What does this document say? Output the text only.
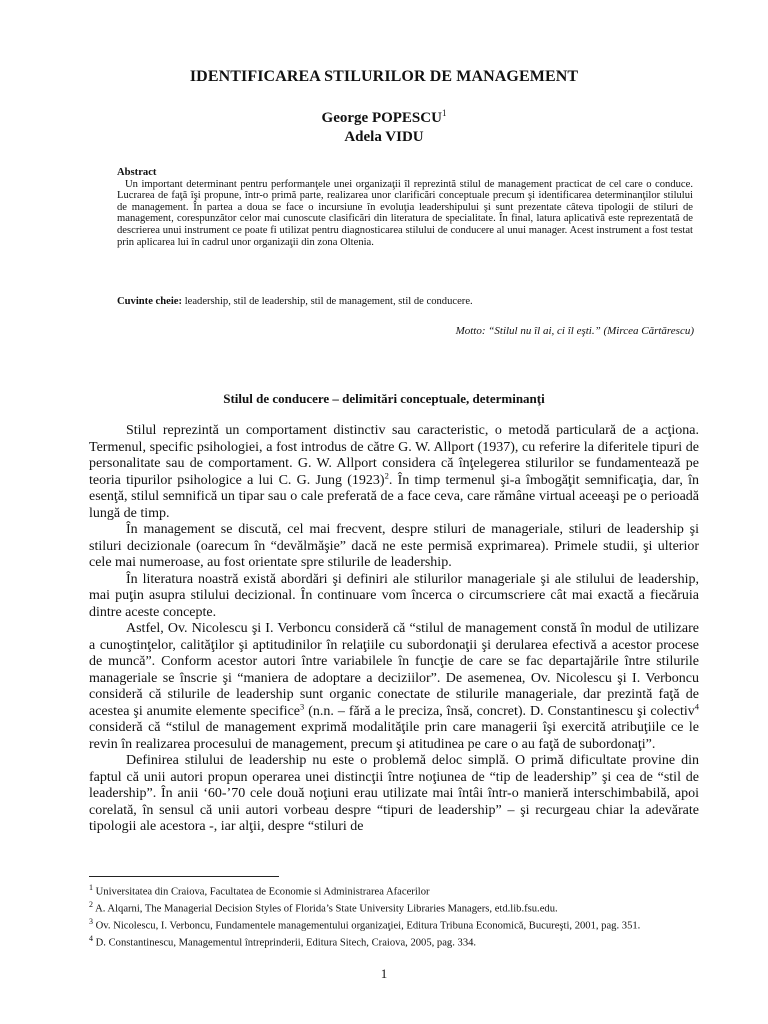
IDENTIFICAREA STILURILOR DE MANAGEMENT
George POPESCU$^1$
Adela VIDU
Abstract

Un important determinant pentru performanţele unei organizaţii îl reprezintă stilul de management practicat de cel care o conduce. Lucrarea de faţă îşi propune, într-o primă parte, realizarea unor clarificări conceptuale precum şi identificarea determinanţilor stilului de management. În partea a doua se face o incursiune în evoluţia leadershipului şi sunt prezentate câteva tipologii de stiluri de management, corespunzător celor mai cunoscute clasificări din literatura de specialitate. În final, latura aplicativă este reprezentată de descrierea unui instrument ce poate fi utilizat pentru diagnosticarea stilului de conducere al unui manager. Acest instrument a fost testat prin aplicarea lui în cadrul unor organizaţii din zona Oltenia.

Cuvinte cheie: leadership, stil de leadership, stil de management, stil de conducere.
Motto: “Stilul nu îl ai, ci îl eşti.” (Mircea Cărtărescu)
Stilul de conducere – delimitări conceptuale, determinanţi

Stilul reprezintă un comportament distinctiv sau caracteristic, o metodă particulară de a acţiona. Termenul, specific psihologiei, a fost introdus de către G. W. Allport (1937), cu referire la diferitele tipuri de personalitate sau de comportament. G. W. Allport considera că înţelegerea stilurilor se fundamentează pe teoria tipurilor psihologice a lui C. G. Jung $(1923)^2$. În timp termenul şi-a îmbogăţit semnificaţia, dar, în esenţă, stilul semnifică un tipar sau o cale preferată de a face ceva, care rămâne virtual aceeaşi pe o perioadă lungă de timp.

În management se discută, cel mai frecvent, despre stiluri de manageriale, stiluri de leadership şi stiluri decizionale (oarecum în “devălmăşie” dacă ne este permisă exprimarea). Primele studii, şi ulterior cele mai numeroase, au fost orientate spre stilurile de leadership.

În literatura noastră există abordări şi definiri ale stilurilor manageriale şi ale stilului de leadership, mai puţin asupra stilului decizional. În continuare vom încerca o circumscriere cât mai exactă a fiecăruia dintre aceste concepte.

Astfel, Ov. Nicolescu şi I. Verboncu consideră că “stilul de management constă în modul de utilizare a cunoştinţelor, calităţilor şi aptitudinilor în relaţiile cu subordonaţii şi derularea efectivă a acestor procese de muncă”. Conform acestor autori între variabilele în funcţie de care se fac departajările între stilurile manageriale se înscrie şi “maniera de adoptare a deciziilor”. De asemenea, Ov. Nicolescu şi I. Verboncu consideră că stilurile de leadership sunt organic conectate de stilurile manageriale, dar prezintă faţă de acestea şi anumite elemente specifice$^3$ (n.n. – fără a le preciza, însă, concret). D. Constantinescu şi colectiv$^4$ consideră că “stilul de management exprimă modalităţile prin care managerii îşi exercită atribuţiile ce le revin în realizarea procesului de management, precum şi atitudinea pe care o au faţă de subordonaţi”.

Definirea stilului de leadership nu este o problemă deloc simplă. O primă dificultate provine din faptul că unii autori propun operarea unei distincţii între noţiunea de “tip de leadership” şi cea de “stil de leadership”. În anii ‘60-’70 cele două noţiuni erau utilizate mai întâi într-o manieră interschimbabilă, apoi corelată, în sensul că unii autori vorbeau despre “tipuri de leadership” – şi recurgeau chiar la adevărate tipologii ale acestora -, iar alţii, despre “stiluri de

$^1$ Universitatea din Craiova, Facultatea de Economie si Administrarea Afacerilor

$^2$ A. Alqarni, The Managerial Decision Styles of Florida’s State University Libraries Managers, etd.lib.fsu.edu.

$^3$ Ov. Nicolescu, I. Verboncu, Fundamentele managementului organizaţiei, Editura Tribuna Economică, Bucureşti, 2001, pag. 351.

$^4$ D. Constantinescu, Managementul întreprinderii, Editura Sitech, Craiova, 2005, pag. 334.

1
